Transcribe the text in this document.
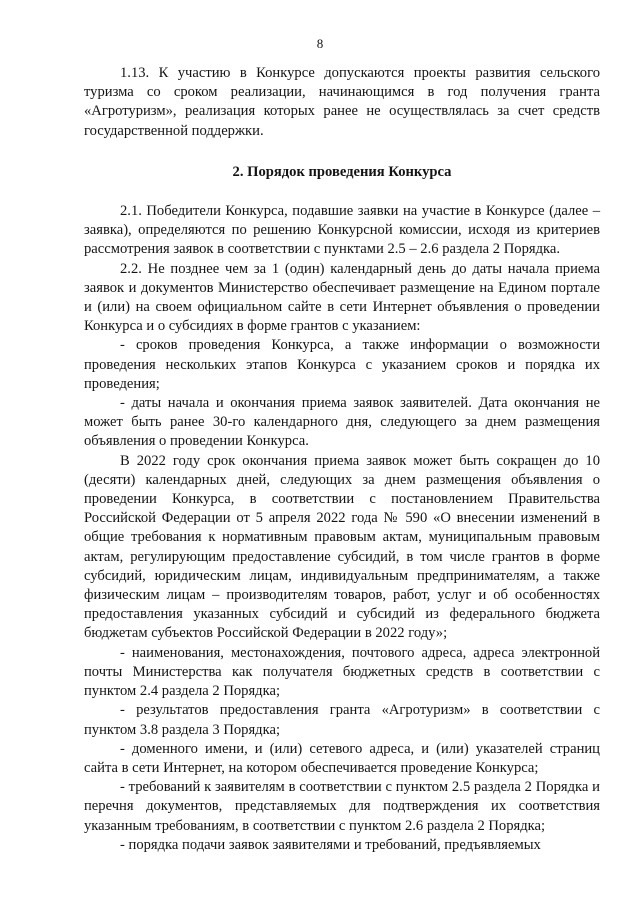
8

1.13. К участию в Конкурсе допускаются проекты развития сельского туризма со сроком реализации, начинающимся в год получения гранта «Агротуризм», реализация которых ранее не осуществлялась за счет средств государственной поддержки.

2. Порядок проведения Конкурса

2.1. Победители Конкурса, подавшие заявки на участие в Конкурсе (далее – заявка), определяются по решению Конкурсной комиссии, исходя из критериев рассмотрения заявок в соответствии с пунктами 2.5 – 2.6 раздела 2 Порядка.

2.2. Не позднее чем за 1 (один) календарный день до даты начала приема заявок и документов Министерство обеспечивает размещение на Едином портале и (или) на своем официальном сайте в сети Интернет объявления о проведении Конкурса и о субсидиях в форме грантов с указанием:

- сроков проведения Конкурса, а также информации о возможности проведения нескольких этапов Конкурса с указанием сроков и порядка их проведения;

- даты начала и окончания приема заявок заявителей. Дата окончания не может быть ранее 30-го календарного дня, следующего за днем размещения объявления о проведении Конкурса.

В 2022 году срок окончания приема заявок может быть сокращен до 10 (десяти) календарных дней, следующих за днем размещения объявления о проведении Конкурса, в соответствии с постановлением Правительства Российской Федерации от 5 апреля 2022 года № 590 «О внесении изменений в общие требования к нормативным правовым актам, муниципальным правовым актам, регулирующим предоставление субсидий, в том числе грантов в форме субсидий, юридическим лицам, индивидуальным предпринимателям, а также физическим лицам – производителям товаров, работ, услуг и об особенностях предоставления указанных субсидий и субсидий из федерального бюджета бюджетам субъектов Российской Федерации в 2022 году»;

- наименования, местонахождения, почтового адреса, адреса электронной почты Министерства как получателя бюджетных средств в соответствии с пунктом 2.4 раздела 2 Порядка;

- результатов предоставления гранта «Агротуризм» в соответствии с пунктом 3.8 раздела 3 Порядка;

- доменного имени, и (или) сетевого адреса, и (или) указателей страниц сайта в сети Интернет, на котором обеспечивается проведение Конкурса;

- требований к заявителям в соответствии с пунктом 2.5 раздела 2 Порядка и перечня документов, представляемых для подтверждения их соответствия указанным требованиям, в соответствии с пунктом 2.6 раздела 2 Порядка;

- порядка подачи заявок заявителями и требований, предъявляемых
